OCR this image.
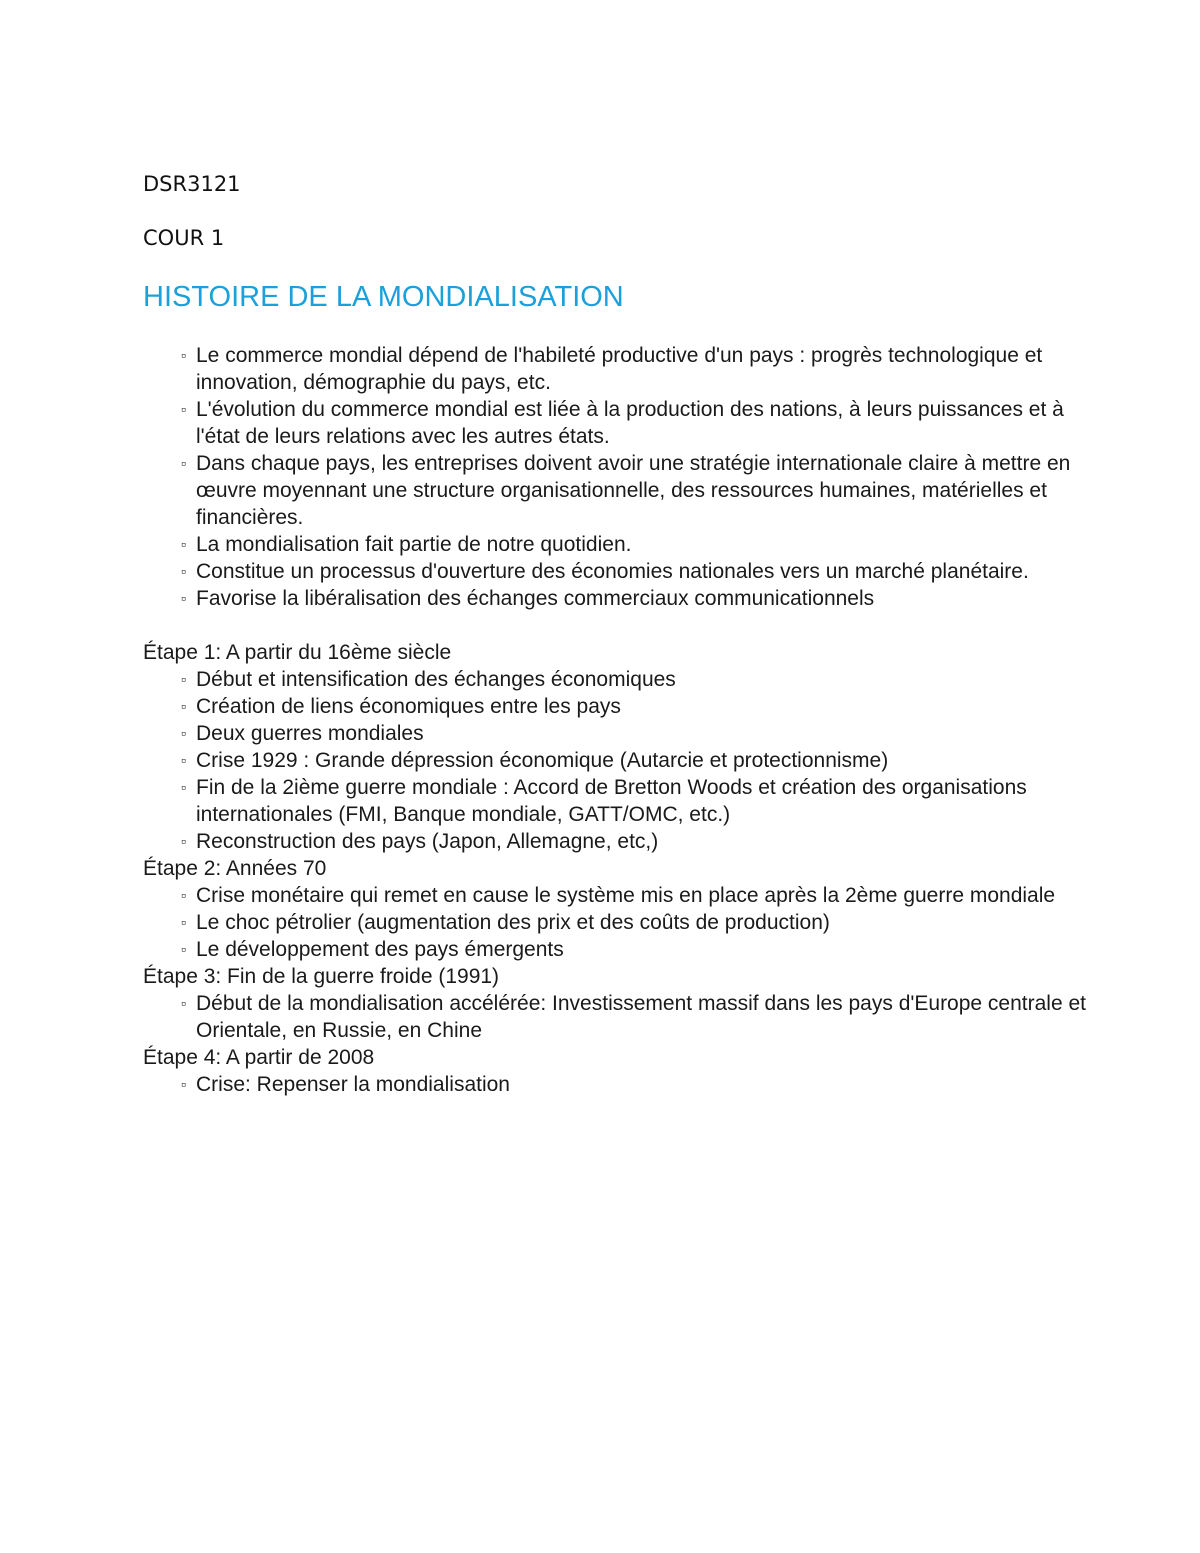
DSR3121

COUR 1

HISTOIRE DE LA MONDIALISATION
▫ Le commerce mondial dépend de l'habileté productive d'un pays : progrès technologique et innovation, démographie du pays, etc.
▫ L'évolution du commerce mondial est liée à la production des nations, à leurs puissances et à l'état de leurs relations avec les autres états.
▫ Dans chaque pays, les entreprises doivent avoir une stratégie internationale claire à mettre en œuvre moyennant une structure organisationnelle, des ressources humaines, matérielles et financières.
▫ La mondialisation fait partie de notre quotidien.
▫ Constitue un processus d'ouverture des économies nationales vers un marché planétaire.
▫ Favorise la libéralisation des échanges commerciaux communicationnels

Étape 1: A partir du 16ème siècle

▫ Début et intensification des échanges économiques
▫ Création de liens économiques entre les pays
▫ Deux guerres mondiales
▫ Crise 1929 : Grande dépression économique (Autarcie et protectionnisme)
▫ Fin de la 2ième guerre mondiale : Accord de Bretton Woods et création des organisations internationales (FMI, Banque mondiale, GATT/OMC, etc.)
▫ Reconstruction des pays (Japon, Allemagne, etc,)

Étape 2: Années 70

▫ Crise monétaire qui remet en cause le système mis en place après la 2ème guerre mondiale
▫ Le choc pétrolier (augmentation des prix et des coûts de production)
▫ Le développement des pays émergents

Étape 3: Fin de la guerre froide (1991)

▫ Début de la mondialisation accélérée: Investissement massif dans les pays d'Europe centrale et Orientale, en Russie, en Chine

Étape 4: A partir de 2008

▫ Crise: Repenser la mondialisation
